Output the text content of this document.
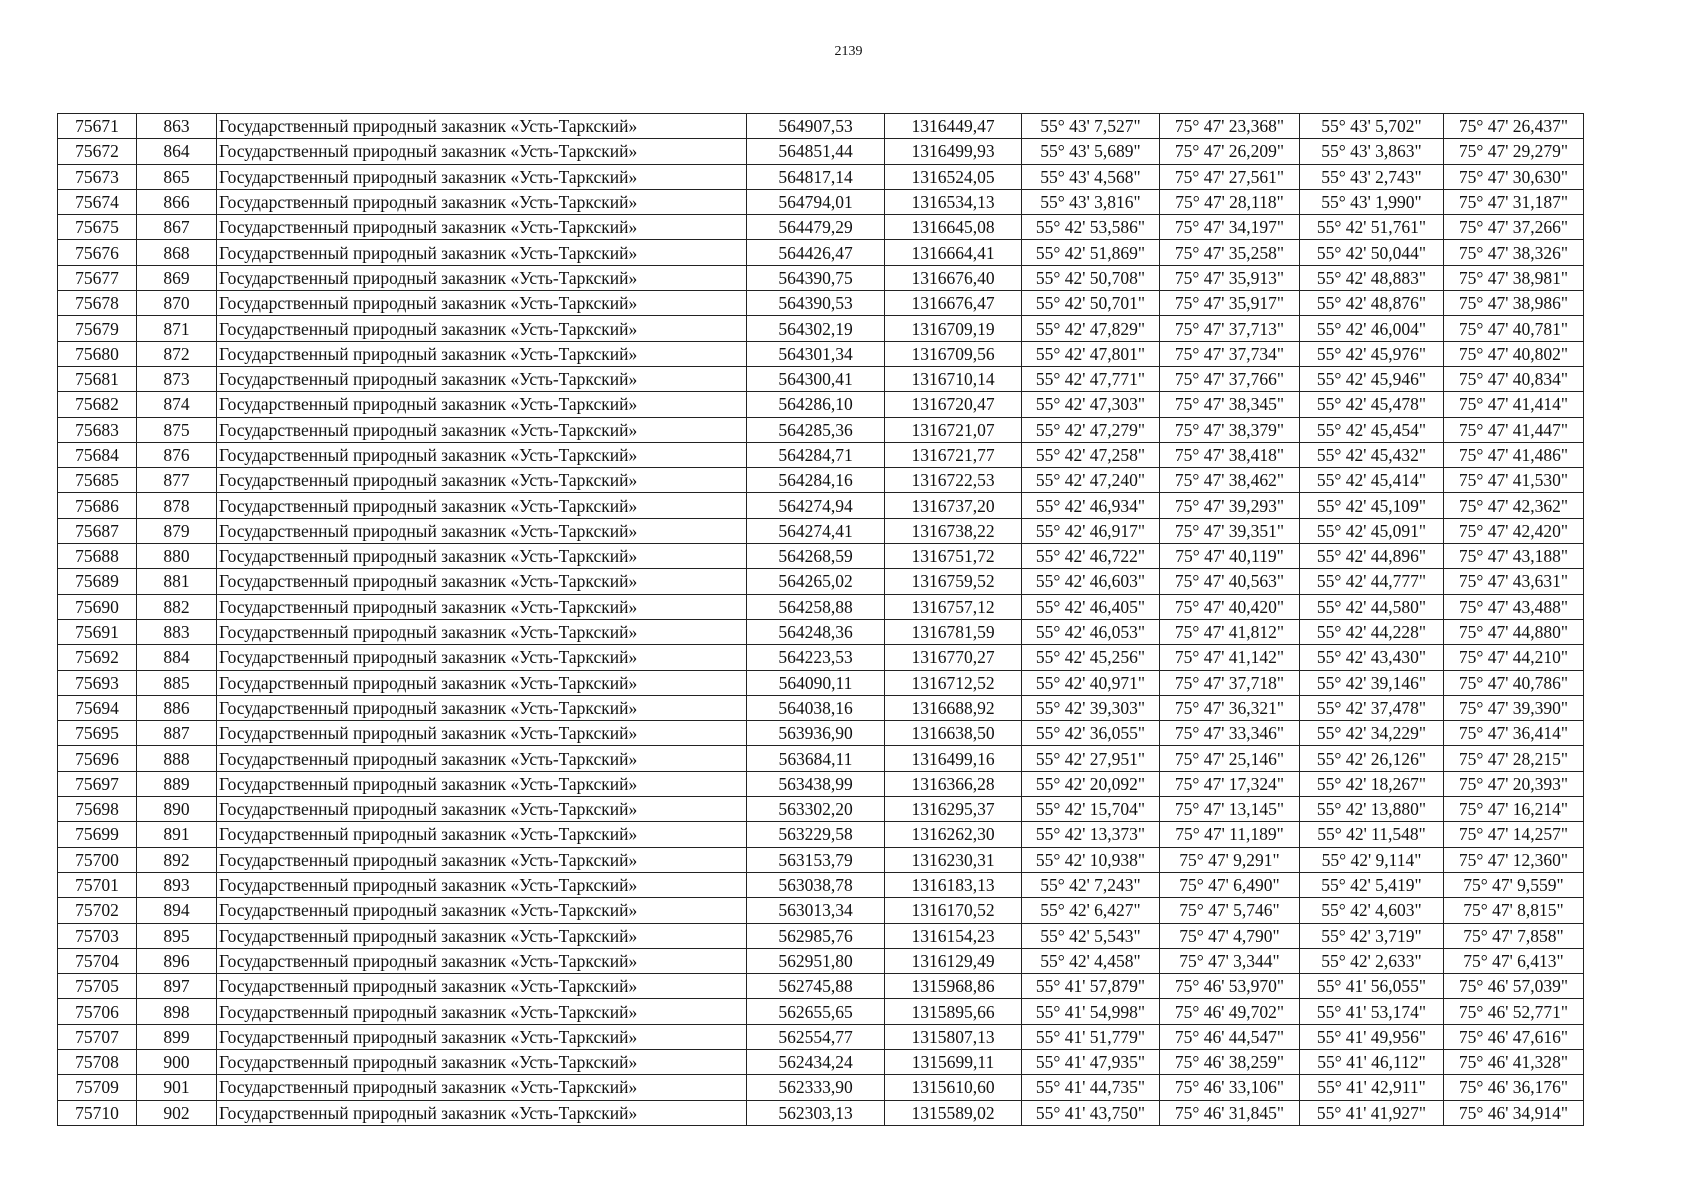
2139
75671	863	Государственный природный заказник «Усть-Таркский»	564907,53	1316449,47	55° 43' 7,527"	75° 47' 23,368"	55° 43' 5,702"	75° 47' 26,437"
75672	864	Государственный природный заказник «Усть-Таркский»	564851,44	1316499,93	55° 43' 5,689"	75° 47' 26,209"	55° 43' 3,863"	75° 47' 29,279"
75673	865	Государственный природный заказник «Усть-Таркский»	564817,14	1316524,05	55° 43' 4,568"	75° 47' 27,561"	55° 43' 2,743"	75° 47' 30,630"
75674	866	Государственный природный заказник «Усть-Таркский»	564794,01	1316534,13	55° 43' 3,816"	75° 47' 28,118"	55° 43' 1,990"	75° 47' 31,187"
75675	867	Государственный природный заказник «Усть-Таркский»	564479,29	1316645,08	55° 42' 53,586"	75° 47' 34,197"	55° 42' 51,761"	75° 47' 37,266"
75676	868	Государственный природный заказник «Усть-Таркский»	564426,47	1316664,41	55° 42' 51,869"	75° 47' 35,258"	55° 42' 50,044"	75° 47' 38,326"
75677	869	Государственный природный заказник «Усть-Таркский»	564390,75	1316676,40	55° 42' 50,708"	75° 47' 35,913"	55° 42' 48,883"	75° 47' 38,981"
75678	870	Государственный природный заказник «Усть-Таркский»	564390,53	1316676,47	55° 42' 50,701"	75° 47' 35,917"	55° 42' 48,876"	75° 47' 38,986"
75679	871	Государственный природный заказник «Усть-Таркский»	564302,19	1316709,19	55° 42' 47,829"	75° 47' 37,713"	55° 42' 46,004"	75° 47' 40,781"
75680	872	Государственный природный заказник «Усть-Таркский»	564301,34	1316709,56	55° 42' 47,801"	75° 47' 37,734"	55° 42' 45,976"	75° 47' 40,802"
75681	873	Государственный природный заказник «Усть-Таркский»	564300,41	1316710,14	55° 42' 47,771"	75° 47' 37,766"	55° 42' 45,946"	75° 47' 40,834"
75682	874	Государственный природный заказник «Усть-Таркский»	564286,10	1316720,47	55° 42' 47,303"	75° 47' 38,345"	55° 42' 45,478"	75° 47' 41,414"
75683	875	Государственный природный заказник «Усть-Таркский»	564285,36	1316721,07	55° 42' 47,279"	75° 47' 38,379"	55° 42' 45,454"	75° 47' 41,447"
75684	876	Государственный природный заказник «Усть-Таркский»	564284,71	1316721,77	55° 42' 47,258"	75° 47' 38,418"	55° 42' 45,432"	75° 47' 41,486"
75685	877	Государственный природный заказник «Усть-Таркский»	564284,16	1316722,53	55° 42' 47,240"	75° 47' 38,462"	55° 42' 45,414"	75° 47' 41,530"
75686	878	Государственный природный заказник «Усть-Таркский»	564274,94	1316737,20	55° 42' 46,934"	75° 47' 39,293"	55° 42' 45,109"	75° 47' 42,362"
75687	879	Государственный природный заказник «Усть-Таркский»	564274,41	1316738,22	55° 42' 46,917"	75° 47' 39,351"	55° 42' 45,091"	75° 47' 42,420"
75688	880	Государственный природный заказник «Усть-Таркский»	564268,59	1316751,72	55° 42' 46,722"	75° 47' 40,119"	55° 42' 44,896"	75° 47' 43,188"
75689	881	Государственный природный заказник «Усть-Таркский»	564265,02	1316759,52	55° 42' 46,603"	75° 47' 40,563"	55° 42' 44,777"	75° 47' 43,631"
75690	882	Государственный природный заказник «Усть-Таркский»	564258,88	1316757,12	55° 42' 46,405"	75° 47' 40,420"	55° 42' 44,580"	75° 47' 43,488"
75691	883	Государственный природный заказник «Усть-Таркский»	564248,36	1316781,59	55° 42' 46,053"	75° 47' 41,812"	55° 42' 44,228"	75° 47' 44,880"
75692	884	Государственный природный заказник «Усть-Таркский»	564223,53	1316770,27	55° 42' 45,256"	75° 47' 41,142"	55° 42' 43,430"	75° 47' 44,210"
75693	885	Государственный природный заказник «Усть-Таркский»	564090,11	1316712,52	55° 42' 40,971"	75° 47' 37,718"	55° 42' 39,146"	75° 47' 40,786"
75694	886	Государственный природный заказник «Усть-Таркский»	564038,16	1316688,92	55° 42' 39,303"	75° 47' 36,321"	55° 42' 37,478"	75° 47' 39,390"
75695	887	Государственный природный заказник «Усть-Таркский»	563936,90	1316638,50	55° 42' 36,055"	75° 47' 33,346"	55° 42' 34,229"	75° 47' 36,414"
75696	888	Государственный природный заказник «Усть-Таркский»	563684,11	1316499,16	55° 42' 27,951"	75° 47' 25,146"	55° 42' 26,126"	75° 47' 28,215"
75697	889	Государственный природный заказник «Усть-Таркский»	563438,99	1316366,28	55° 42' 20,092"	75° 47' 17,324"	55° 42' 18,267"	75° 47' 20,393"
75698	890	Государственный природный заказник «Усть-Таркский»	563302,20	1316295,37	55° 42' 15,704"	75° 47' 13,145"	55° 42' 13,880"	75° 47' 16,214"
75699	891	Государственный природный заказник «Усть-Таркский»	563229,58	1316262,30	55° 42' 13,373"	75° 47' 11,189"	55° 42' 11,548"	75° 47' 14,257"
75700	892	Государственный природный заказник «Усть-Таркский»	563153,79	1316230,31	55° 42' 10,938"	75° 47' 9,291"	55° 42' 9,114"	75° 47' 12,360"
75701	893	Государственный природный заказник «Усть-Таркский»	563038,78	1316183,13	55° 42' 7,243"	75° 47' 6,490"	55° 42' 5,419"	75° 47' 9,559"
75702	894	Государственный природный заказник «Усть-Таркский»	563013,34	1316170,52	55° 42' 6,427"	75° 47' 5,746"	55° 42' 4,603"	75° 47' 8,815"
75703	895	Государственный природный заказник «Усть-Таркский»	562985,76	1316154,23	55° 42' 5,543"	75° 47' 4,790"	55° 42' 3,719"	75° 47' 7,858"
75704	896	Государственный природный заказник «Усть-Таркский»	562951,80	1316129,49	55° 42' 4,458"	75° 47' 3,344"	55° 42' 2,633"	75° 47' 6,413"
75705	897	Государственный природный заказник «Усть-Таркский»	562745,88	1315968,86	55° 41' 57,879"	75° 46' 53,970"	55° 41' 56,055"	75° 46' 57,039"
75706	898	Государственный природный заказник «Усть-Таркский»	562655,65	1315895,66	55° 41' 54,998"	75° 46' 49,702"	55° 41' 53,174"	75° 46' 52,771"
75707	899	Государственный природный заказник «Усть-Таркский»	562554,77	1315807,13	55° 41' 51,779"	75° 46' 44,547"	55° 41' 49,956"	75° 46' 47,616"
75708	900	Государственный природный заказник «Усть-Таркский»	562434,24	1315699,11	55° 41' 47,935"	75° 46' 38,259"	55° 41' 46,112"	75° 46' 41,328"
75709	901	Государственный природный заказник «Усть-Таркский»	562333,90	1315610,60	55° 41' 44,735"	75° 46' 33,106"	55° 41' 42,911"	75° 46' 36,176"
75710	902	Государственный природный заказник «Усть-Таркский»	562303,13	1315589,02	55° 41' 43,750"	75° 46' 31,845"	55° 41' 41,927"	75° 46' 34,914"
